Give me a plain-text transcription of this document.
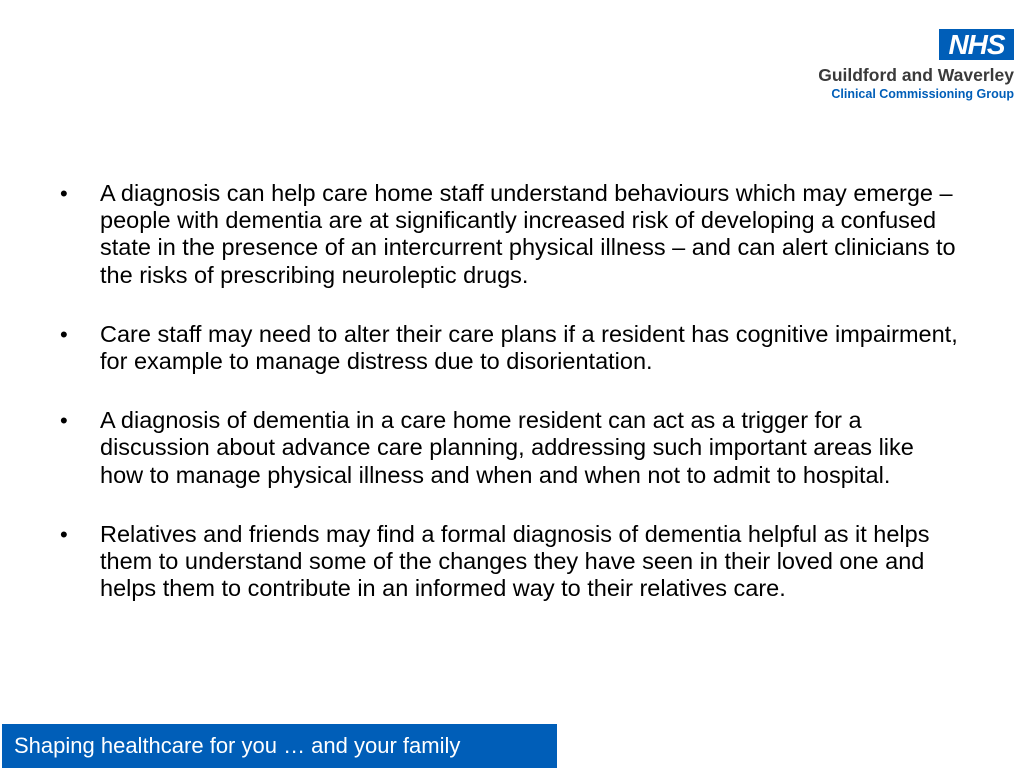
NHS
Guildford and Waverley
Clinical Commissioning Group
•	A diagnosis can help care home staff understand behaviours which may emerge – people with dementia are at significantly increased risk of developing a confused state in the presence of an intercurrent physical illness – and can alert clinicians to the risks of prescribing neuroleptic drugs.
•	Care staff may need to alter their care plans if a resident has cognitive impairment, for example to manage distress due to disorientation.
•	A diagnosis of dementia in a care home resident can act as a trigger for a discussion about advance care planning, addressing such important areas like how to manage physical illness and when and when not to admit to hospital.
•	Relatives and friends may find a formal diagnosis of dementia helpful as it helps them to understand some of the changes they have seen in their loved one and helps them to contribute in an informed way to their relatives care.
Shaping healthcare for you … and your family
